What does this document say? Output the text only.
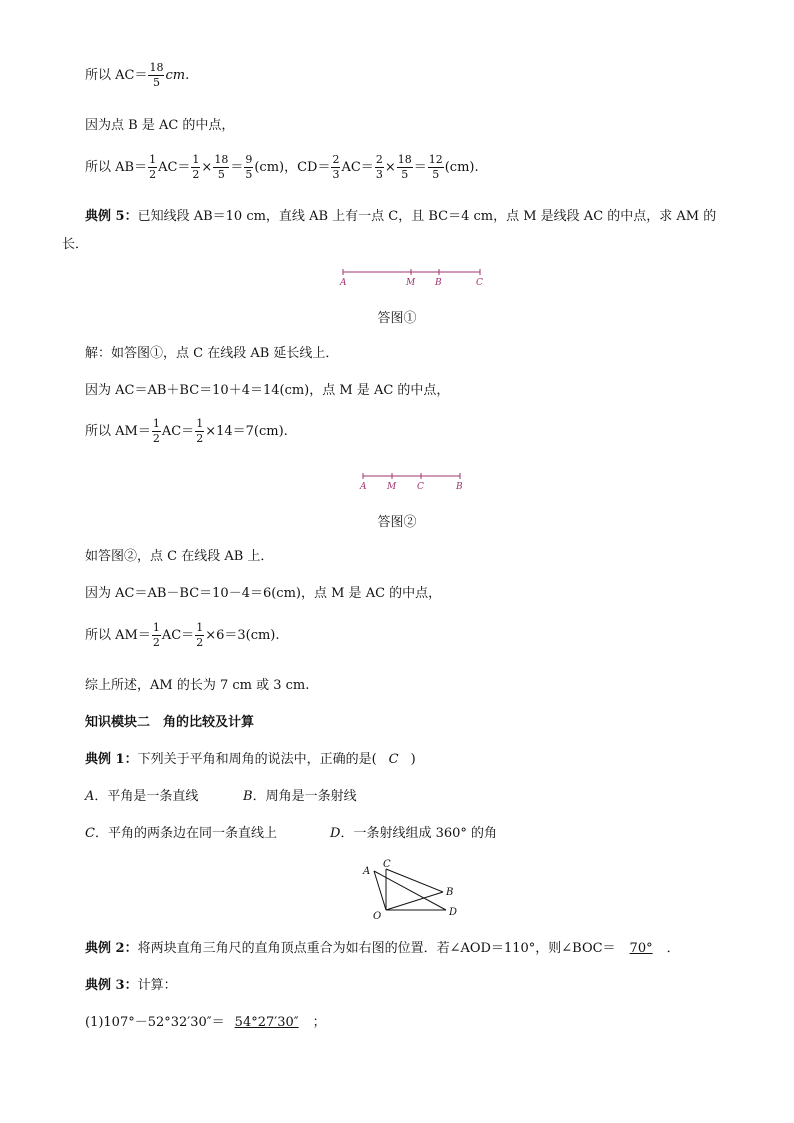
所以 $AC= \frac{18}{5}$ cm.
因为点 B 是 AC 的中点，
所以 $AB= \frac{1}{2} AC= \frac{1}{2} \times \frac{18}{5} = \frac{9}{5} (cm)$，$CD= \frac{2}{3} AC= \frac{2}{3} \times \frac{18}{5} = \frac{12}{5} (cm)$.
典例 5： 已知线段 AB＝10 cm，直线 AB 上有一点 C，且 BC＝4 cm，点 M 是线段 AC 的中点，求 AM 的
长．
A	M B	C
答图①
解：如答图①，点 C 在线段 AB 延长线上．
因为 AC＝AB＋BC＝10＋4＝14(cm)，点 M 是 AC 的中点，
所以 $AM= \frac{1}{2} AC= \frac{1}{2} \times 14=7(cm)$.
A M C	B
答图②
如答图②，点 C 在线段 AB 上．
因为 AC＝AB－BC＝10－4＝6(cm)，点 M 是 AC 的中点，
所以 $AM= \frac{1}{2} AC= \frac{1}{2} \times 6=3(cm)$.
综上所述，AM 的长为 7 cm 或 3 cm.
知识模块二　角的比较及计算
典例 1： 下列关于平角和周角的说法中，正确的是( C )
A ．平角是一条直线	B ．周角是一条射线
C ．平角的两条边在同一条直线上	D ．一条射线组成 360° 的角
A
C
B
O	D
典例 2： 将两块直角三角尺的直角顶点重合为如右图的位置．若∠AOD＝110°，则∠BOC＝	70°	．
典例 3： 计算：
(1)107°－52°32′30″＝ 54°27′30″	；
